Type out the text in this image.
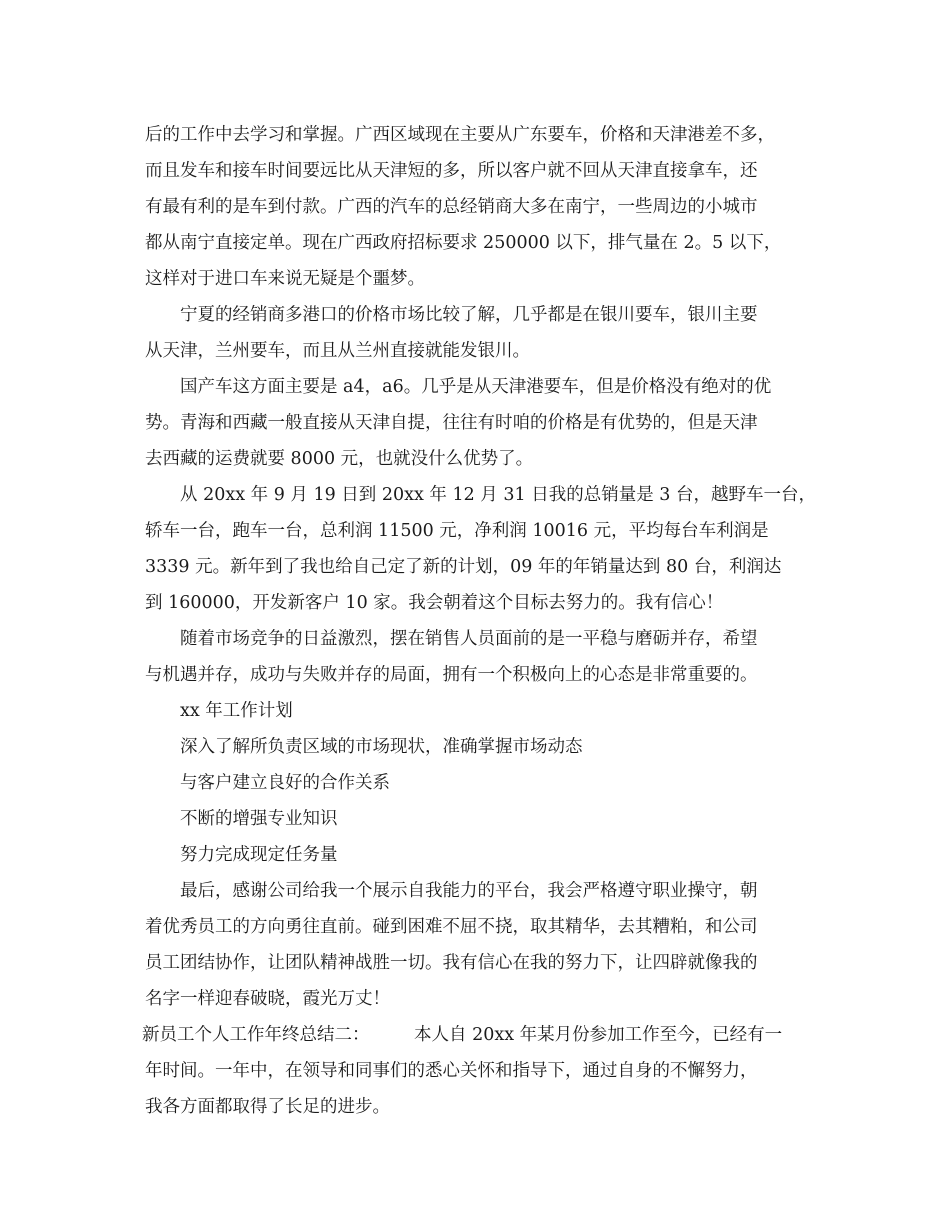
后的工作中去学习和掌握。广西区域现在主要从广东要车，价格和天津港差不多，
而且发车和接车时间要远比从天津短的多，所以客户就不回从天津直接拿车，还
有最有利的是车到付款。广西的汽车的总经销商大多在南宁，一些周边的小城市
都从南宁直接定单。现在广西政府招标要求 250000 以下，排气量在 2。5 以下，
这样对于进口车来说无疑是个噩梦。
宁夏的经销商多港口的价格市场比较了解，几乎都是在银川要车，银川主要
从天津，兰州要车，而且从兰州直接就能发银川。
国产车这方面主要是 a4，a6。几乎是从天津港要车，但是价格没有绝对的优
势。青海和西藏一般直接从天津自提，往往有时咱的价格是有优势的，但是天津
去西藏的运费就要 8000 元，也就没什么优势了。
从 20xx 年 9 月 19 日到 20xx 年 12 月 31 日我的总销量是 3 台，越野车一台，
轿车一台，跑车一台，总利润 11500 元，净利润 10016 元，平均每台车利润是
3339 元。新年到了我也给自己定了新的计划，09 年的年销量达到 80 台，利润达
到 160000，开发新客户 10 家。我会朝着这个目标去努力的。我有信心！
随着市场竞争的日益激烈，摆在销售人员面前的是一平稳与磨砺并存，希望
与机遇并存，成功与失败并存的局面，拥有一个积极向上的心态是非常重要的。
xx 年工作计划
深入了解所负责区域的市场现状，准确掌握市场动态
与客户建立良好的合作关系
不断的增强专业知识
努力完成现定任务量
最后，感谢公司给我一个展示自我能力的平台，我会严格遵守职业操守，朝
着优秀员工的方向勇往直前。碰到困难不屈不挠，取其精华，去其糟粕，和公司
员工团结协作，让团队精神战胜一切。我有信心在我的努力下，让四辟就像我的
名字一样迎春破晓，霞光万丈！
新员工个人工作年终总结二：        本人自 20xx 年某月份参加工作至今，已经有一
年时间。一年中，在领导和同事们的悉心关怀和指导下，通过自身的不懈努力，
我各方面都取得了长足的进步。
